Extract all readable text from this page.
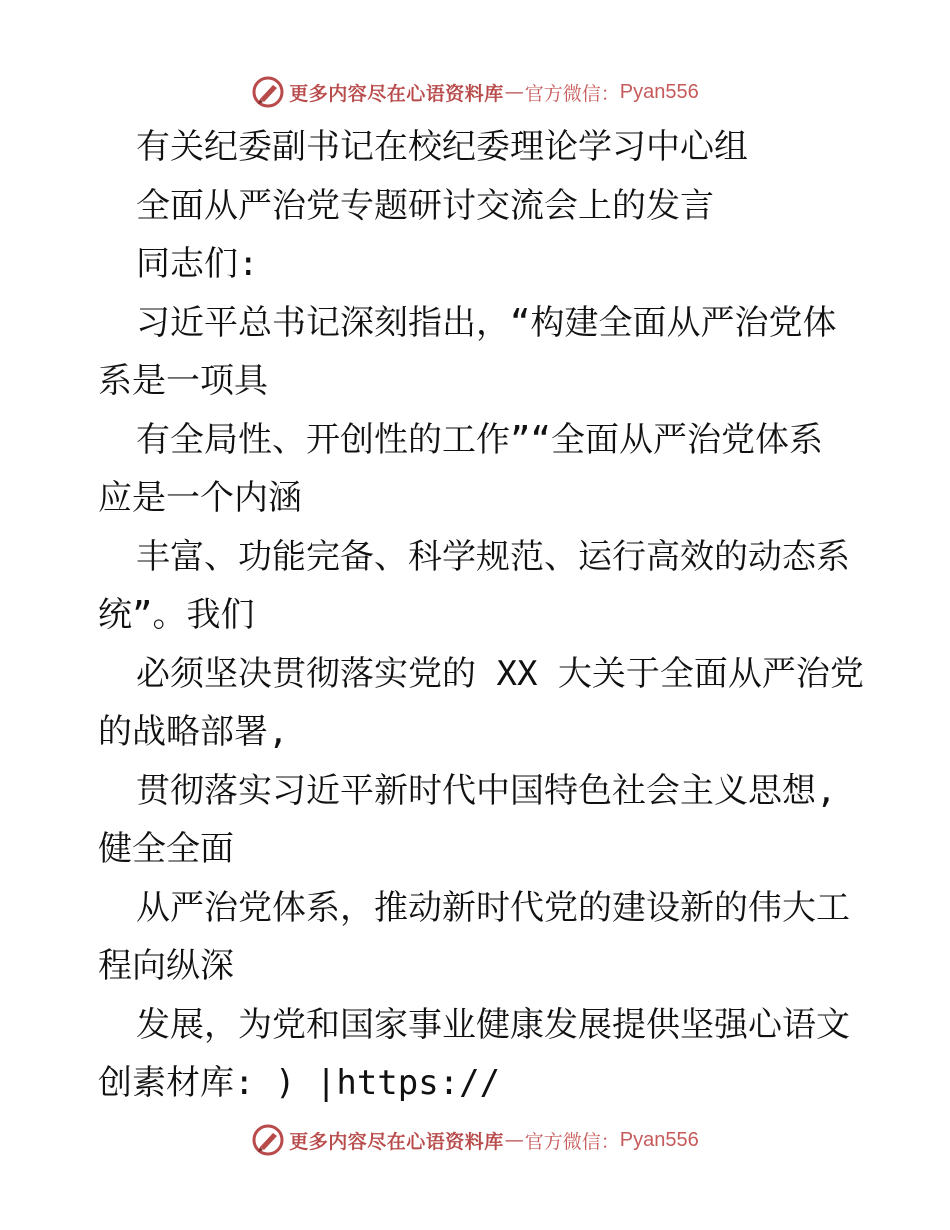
更多内容尽在心语资料库 — 官方微信： Pyan556
有关纪委副书记在校纪委理论学习中心组
全面从严治党专题研讨交流会上的发言
同志们:
习近平总书记深刻指出，“构建全面从严治党体
系是一项具
有全局性、开创性的工作”“全面从严治党体系
应是一个内涵
丰富、功能完备、科学规范、运行高效的动态系
统”。我们
必须坚决贯彻落实党的 XX 大关于全面从严治党
的战略部署,
贯彻落实习近平新时代中国特色社会主义思想,
健全全面
从严治党体系，推动新时代党的建设新的伟大工
程向纵深
发展，为党和国家事业健康发展提供坚强心语文
创素材库: ) |https://
更多内容尽在心语资料库 — 官方微信： Pyan556
